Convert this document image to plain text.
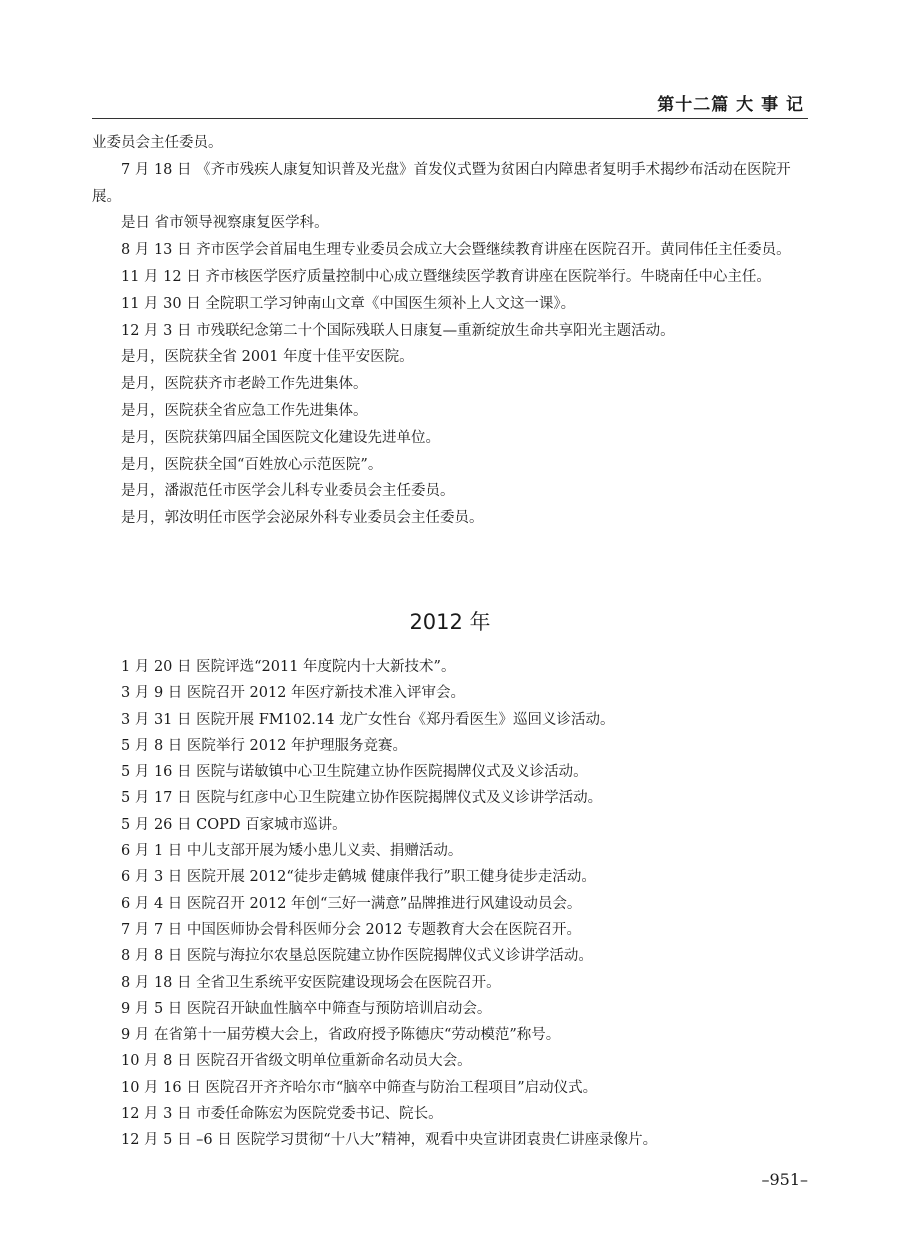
第十二篇 大 事 记

业委员会主任委员。

7 月 18 日 《齐市残疾人康复知识普及光盘》首发仪式暨为贫困白内障患者复明手术揭纱布活动在医院开展。

是日 省市领导视察康复医学科。

8 月 13 日 齐市医学会首届电生理专业委员会成立大会暨继续教育讲座在医院召开。黄同伟任主任委员。

11 月 12 日 齐市核医学医疗质量控制中心成立暨继续医学教育讲座在医院举行。牛晓南任中心主任。

11 月 30 日 全院职工学习钟南山文章《中国医生须补上人文这一课》。

12 月 3 日 市残联纪念第二十个国际残联人日康复—重新绽放生命共享阳光主题活动。

是月，医院获全省 2001 年度十佳平安医院。

是月，医院获齐市老龄工作先进集体。

是月，医院获全省应急工作先进集体。

是月，医院获第四届全国医院文化建设先进单位。

是月，医院获全国“百姓放心示范医院”。

是月，潘淑范任市医学会儿科专业委员会主任委员。

是月，郭汝明任市医学会泌尿外科专业委员会主任委员。

2012 年

1 月 20 日 医院评选“2011 年度院内十大新技术”。

3 月 9 日 医院召开 2012 年医疗新技术准入评审会。

3 月 31 日 医院开展 FM102.14 龙广女性台《郑丹看医生》巡回义诊活动。

5 月 8 日 医院举行 2012 年护理服务竞赛。

5 月 16 日 医院与诺敏镇中心卫生院建立协作医院揭牌仪式及义诊活动。

5 月 17 日 医院与红彦中心卫生院建立协作医院揭牌仪式及义诊讲学活动。

5 月 26 日 COPD 百家城市巡讲。

6 月 1 日 中儿支部开展为矮小患儿义卖、捐赠活动。

6 月 3 日 医院开展 2012“徒步走鹤城 健康伴我行”职工健身徒步走活动。

6 月 4 日 医院召开 2012 年创“三好一满意”品牌推进行风建设动员会。

7 月 7 日 中国医师协会骨科医师分会 2012 专题教育大会在医院召开。

8 月 8 日 医院与海拉尔农垦总医院建立协作医院揭牌仪式义诊讲学活动。

8 月 18 日 全省卫生系统平安医院建设现场会在医院召开。

9 月 5 日 医院召开缺血性脑卒中筛查与预防培训启动会。

9 月 在省第十一届劳模大会上，省政府授予陈德庆“劳动模范”称号。

10 月 8 日 医院召开省级文明单位重新命名动员大会。

10 月 16 日 医院召开齐齐哈尔市“脑卒中筛查与防治工程项目”启动仪式。

12 月 3 日 市委任命陈宏为医院党委书记、院长。

12 月 5 日 –6 日 医院学习贯彻“十八大”精神，观看中央宣讲团袁贵仁讲座录像片。

–951–
